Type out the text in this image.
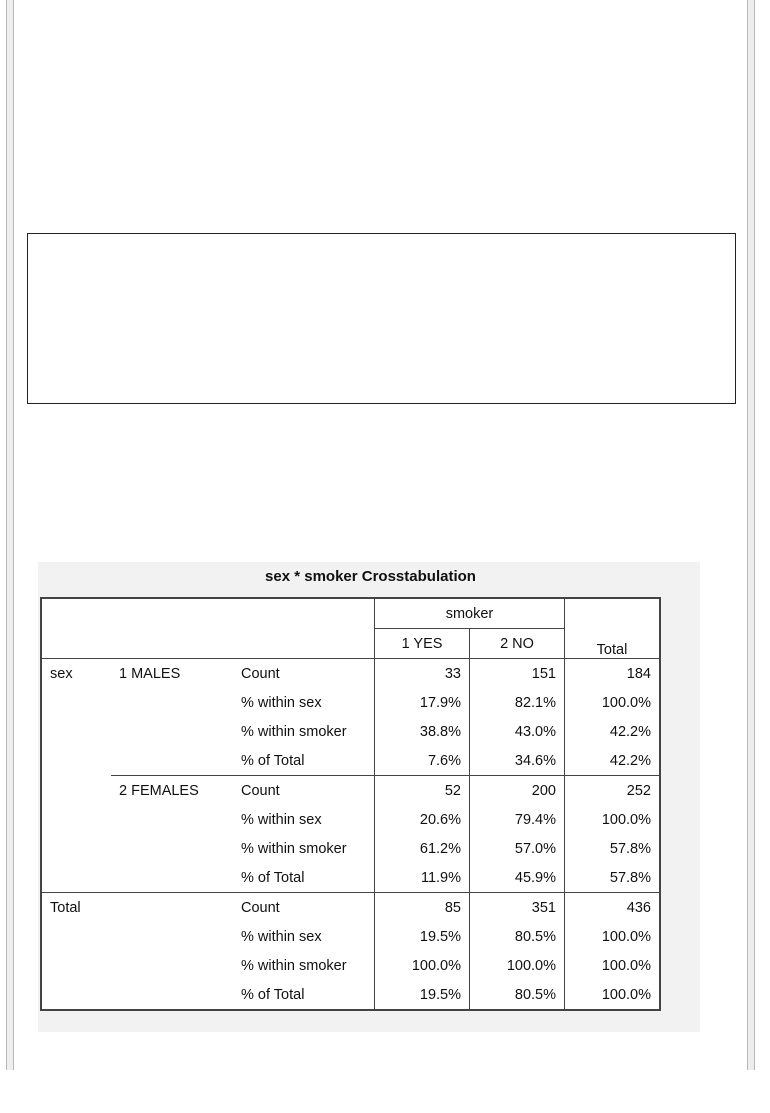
sex * smoker Crosstabulation
			smoker		Total
			1 YES	2 NO	
sex	1 MALES	Count	33	151	184
		% within sex	17.9%	82.1%	100.0%
		% within smoker	38.8%	43.0%	42.2%
		% of Total	7.6%	34.6%	42.2%
	2 FEMALES	Count	52	200	252
		% within sex	20.6%	79.4%	100.0%
		% within smoker	61.2%	57.0%	57.8%
		% of Total	11.9%	45.9%	57.8%
Total		Count	85	351	436
		% within sex	19.5%	80.5%	100.0%
		% within smoker	100.0%	100.0%	100.0%
		% of Total	19.5%	80.5%	100.0%
